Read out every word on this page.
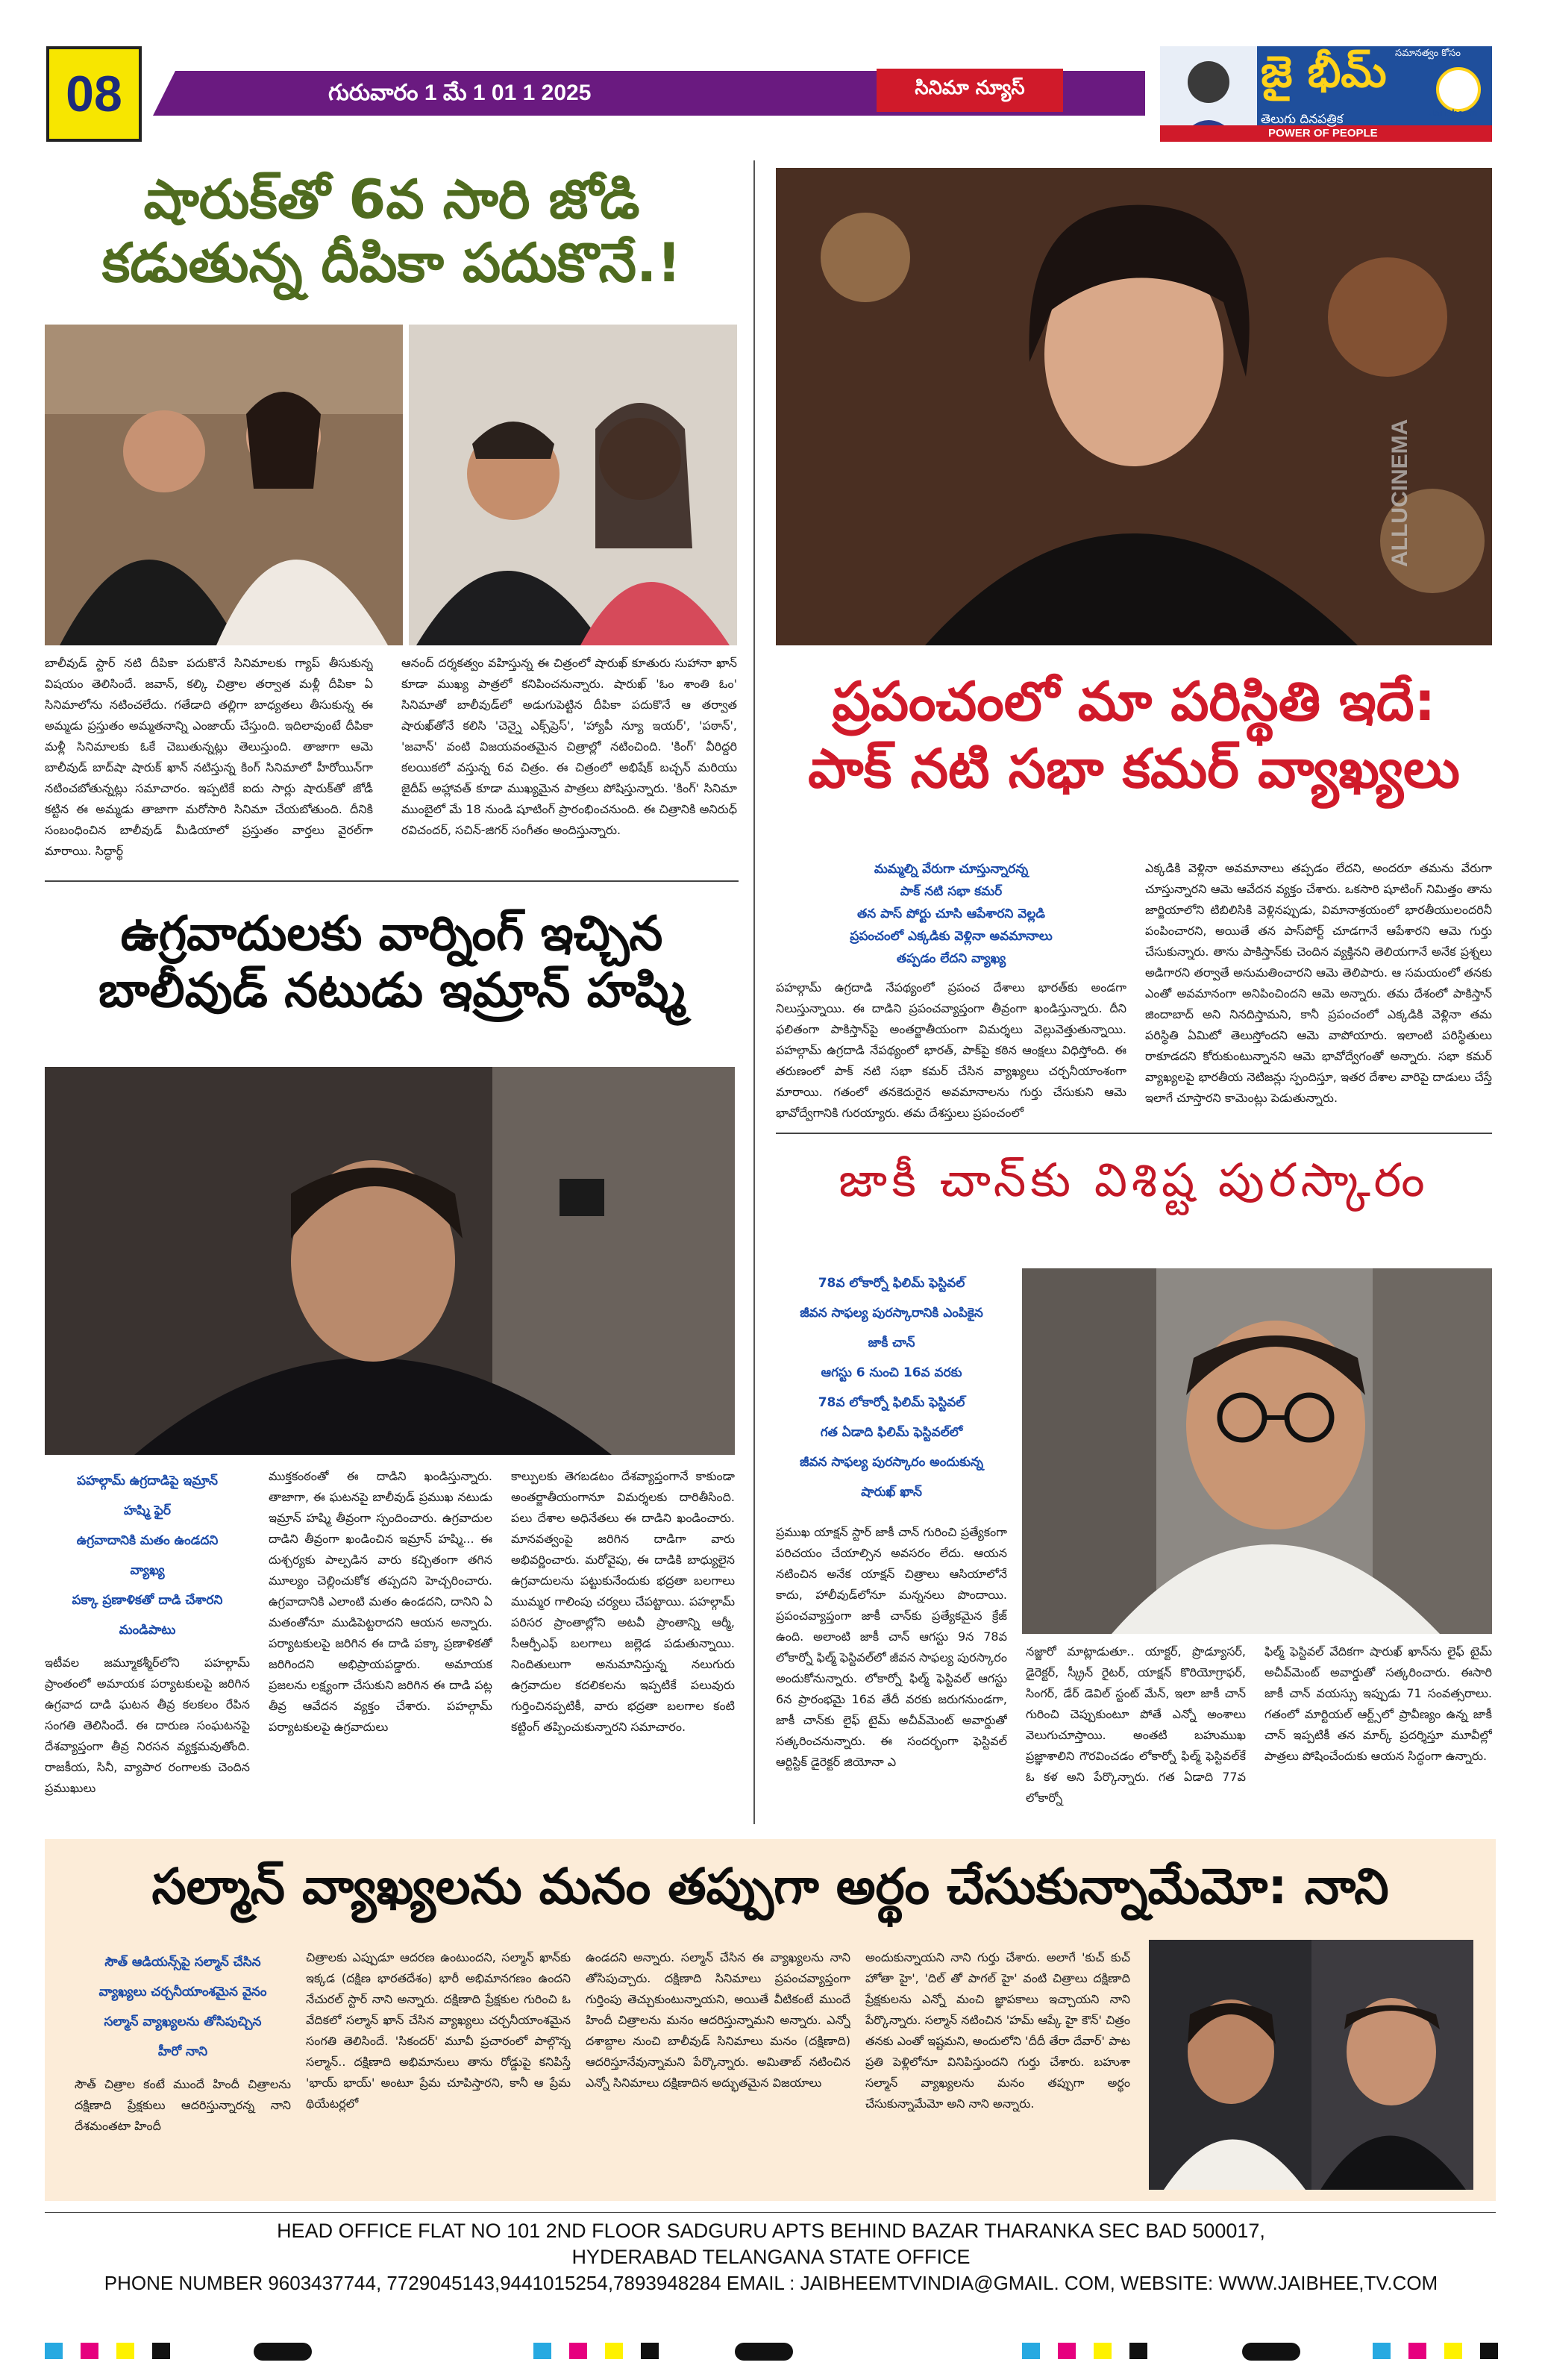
08	గురువారం 1 మే 1 01 1 2025	సినిమా న్యూస్	జై భీమ్
తెలుగు దినపత్రిక
POWER OF PEOPLE
సమానత్వం కోసం
Jai Bheem
షారుక్‌తో 6వ సారి జోడి
కడుతున్న దీపికా పదుకొనే.!
బాలీవుడ్ స్టార్ నటి దీపికా పదుకొనే సినిమాలకు గ్యాప్ తీసుకున్న విషయం తెలిసిందే. జవాన్, కల్కి చిత్రాల తర్వాత మళ్లీ దీపికా ఏ సినిమాలోను నటించలేదు. గతేడాది తల్లిగా బాధ్యతలు తీసుకున్న ఈ అమ్మడు ప్రస్తుతం అమ్మతనాన్ని ఎంజాయ్ చేస్తుంది. ఇదిలావుంటే దీపికా మళ్లీ సినిమాలకు ఓకే చెబుతున్నట్లు తెలుస్తుంది. తాజాగా ఆమె బాలీవుడ్ బాద్‌షా షారుక్ ఖాన్ నటిస్తున్న కింగ్ సినిమాలో హీరోయిన్‌గా నటించబోతున్నట్లు సమాచారం. ఇప్పటికే ఐదు సార్లు షారుక్‌తో జోడీ కట్టిన ఈ అమ్మడు తాజాగా మరోసారి సినిమా చేయబోతుంది. దీనికి సంబంధించిన బాలీవుడ్ మీడియాలో ప్రస్తుతం వార్తలు వైరల్‌గా మారాయి. సిద్ధార్థ్
ఆనంద్ దర్శకత్వం వహిస్తున్న ఈ చిత్రంలో షారుఖ్ కూతురు సుహానా ఖాన్ కూడా ముఖ్య పాత్రలో కనిపించనున్నారు. షారుఖ్ 'ఓం శాంతి ఓం' సినిమాతో బాలీవుడ్‌లో అడుగుపెట్టిన దీపికా పదుకొనే ఆ తర్వాత షారుఖ్‌తోనే కలిసి 'చెన్నై ఎక్స్‌ప్రెస్', 'హ్యాపీ న్యూ ఇయర్', 'పఠాన్', 'జవాన్' వంటి విజయవంతమైన చిత్రాల్లో నటించింది. 'కింగ్' వీరిద్దరి కలయికలో వస్తున్న 6వ చిత్రం. ఈ చిత్రంలో అభిషేక్ బచ్చన్ మరియు జైదీప్ అహ్లావత్ కూడా ముఖ్యమైన పాత్రలు పోషిస్తున్నారు. 'కింగ్' సినిమా ముంబైలో మే 18 నుండి షూటింగ్ ప్రారంభించనుంది. ఈ చిత్రానికి అనిరుధ్ రవిచందర్, సచిన్-జిగర్ సంగీతం అందిస్తున్నారు.
ఉగ్రవాదులకు వార్నింగ్ ఇచ్చిన
బాలీవుడ్ నటుడు ఇమ్రాన్ హష్మి
పహల్గామ్ ఉగ్రదాడిపై ఇమ్రాన్
హష్మి ఫైర్
ఉగ్రవాదానికి మతం ఉండదని
వ్యాఖ్య
పక్కా ప్రణాళికతో దాడి చేశారని
మండిపాటు
ఇటీవల జమ్మూకశ్మీర్‌లోని పహల్గామ్ ప్రాంతంలో అమాయక పర్యాటకులపై జరిగిన ఉగ్రవాద దాడి ఘటన తీవ్ర కలకలం రేపిన సంగతి తెలిసిందే. ఈ దారుణ సంఘటనపై దేశవ్యాప్తంగా తీవ్ర నిరసన వ్యక్తమవుతోంది. రాజకీయ, సినీ, వ్యాపార రంగాలకు చెందిన ప్రముఖులు
ముక్తకంఠంతో ఈ దాడిని ఖండిస్తున్నారు. తాజాగా, ఈ ఘటనపై బాలీవుడ్ ప్రముఖ నటుడు ఇమ్రాన్ హష్మి తీవ్రంగా స్పందించారు. ఉగ్రవాదుల దాడిని తీవ్రంగా ఖండించిన ఇమ్రాన్ హష్మి... ఈ దుశ్చర్యకు పాల్పడిన వారు కచ్చితంగా తగిన మూల్యం చెల్లించుకోక తప్పదని హెచ్చరించారు. ఉగ్రవాదానికి ఎలాంటి మతం ఉండదని, దానిని ఏ మతంతోనూ ముడిపెట్టరాదని ఆయన అన్నారు. పర్యాటకులపై జరిగిన ఈ దాడి పక్కా ప్రణాళికతో జరిగిందని అభిప్రాయపడ్డారు. అమాయక ప్రజలను లక్ష్యంగా చేసుకుని జరిగిన ఈ దాడి పట్ల తీవ్ర ఆవేదన వ్యక్తం చేశారు. పహల్గామ్ పర్యాటకులపై ఉగ్రవాదులు
కాల్పులకు తెగబడటం దేశవ్యాప్తంగానే కాకుండా అంతర్జాతీయంగానూ విమర్శలకు దారితీసింది. పలు దేశాల అధినేతలు ఈ దాడిని ఖండించారు. మానవత్వంపై జరిగిన దాడిగా వారు అభివర్ణించారు. మరోవైపు, ఈ దాడికి బాధ్యులైన ఉగ్రవాదులను పట్టుకునేందుకు భద్రతా బలగాలు ముమ్మర గాలింపు చర్యలు చేపట్టాయి. పహల్గామ్ పరిసర ప్రాంతాల్లోని అటవీ ప్రాంతాన్ని ఆర్మీ, సీఆర్పీఎఫ్ బలగాలు జల్లెడ పడుతున్నాయి. నిందితులుగా అనుమానిస్తున్న నలుగురు ఉగ్రవాదుల కదలికలను ఇప్పటికే పలువురు గుర్తించినప్పటికీ, వారు భద్రతా బలగాల కంటి కట్టింగ్ తప్పించుకున్నారని సమాచారం.
ALLUCINEMA
ప్రపంచంలో మా పరిస్థితి ఇదే:
పాక్ నటి సభా కమర్ వ్యాఖ్యలు
మమ్మల్ని వేరుగా చూస్తున్నారన్న
పాక్ నటి సభా కమర్
తన పాస్ పోర్టు చూసి ఆపేశారని వెల్లడి
ప్రపంచంలో ఎక్కడికు వెళ్లినా అవమానాలు
తప్పడం లేదని వ్యాఖ్య
పహల్గామ్ ఉగ్రదాడి నేపథ్యంలో ప్రపంచ దేశాలు భారత్‌కు అండగా నిలుస్తున్నాయి. ఈ దాడిని ప్రపంచవ్యాప్తంగా తీవ్రంగా ఖండిస్తున్నారు. దీని ఫలితంగా పాకిస్తాన్‌పై అంతర్జాతీయంగా విమర్శలు వెల్లువెత్తుతున్నాయి. పహల్గామ్ ఉగ్రదాడి నేపథ్యంలో భారత్, పాక్‌పై కఠిన ఆంక్షలు విధిస్తోంది. ఈ తరుణంలో పాక్ నటి సభా కమర్ చేసిన వ్యాఖ్యలు చర్చనీయాంశంగా మారాయి. గతంలో తనకెదురైన అవమానాలను గుర్తు చేసుకుని ఆమె భావోద్వేగానికి గురయ్యారు. తమ దేశస్తులు ప్రపంచంలో
ఎక్కడికి వెళ్లినా అవమానాలు తప్పడం లేదని, అందరూ తమను వేరుగా చూస్తున్నారని ఆమె ఆవేదన వ్యక్తం చేశారు. ఒకసారి షూటింగ్ నిమిత్తం తాను జార్జియాలోని టిబిలిసికి వెళ్లినప్పుడు, విమానాశ్రయంలో భారతీయులందరినీ పంపించారని, అయితే తన పాస్‌పోర్ట్ చూడగానే ఆపేశారని ఆమె గుర్తు చేసుకున్నారు. తాను పాకిస్తాన్‌కు చెందిన వ్యక్తినని తెలియగానే అనేక ప్రశ్నలు అడిగారని తర్వాతే అనుమతించారని ఆమె తెలిపారు. ఆ సమయంలో తనకు ఎంతో అవమానంగా అనిపించిందని ఆమె అన్నారు. తమ దేశంలో పాకిస్తాన్ జిందాబాద్ అని నినదిస్తామని, కానీ ప్రపంచంలో ఎక్కడికి వెళ్లినా తమ పరిస్థితి ఏమిటో తెలుస్తోందని ఆమె వాపోయారు. ఇలాంటి పరిస్థితులు రాకూడదని కోరుకుంటున్నానని ఆమె భావోద్వేగంతో అన్నారు. సభా కమర్ వ్యాఖ్యలపై భారతీయ నెటిజన్లు స్పందిస్తూ, ఇతర దేశాల వారిపై దాడులు చేస్తే ఇలాగే చూస్తారని కామెంట్లు పెడుతున్నారు.
జాకీ చాన్‌కు విశిష్ట పురస్కారం
78వ లోకార్నో ఫిలిమ్ ఫెస్టివల్
జీవన సాఫల్య పురస్కారానికి ఎంపికైన
జాకీ చాన్
ఆగస్టు 6 నుంచి 16వ వరకు
78వ లోకార్నో ఫిలిమ్ ఫెస్టివల్
గత ఏడాది ఫిలిమ్ ఫెస్టివల్‌లో
జీవన సాఫల్య పురస్కారం అందుకున్న
షారుఖ్ ఖాన్
ప్రముఖ యాక్షన్ స్టార్ జాకీ చాన్ గురించి ప్రత్యేకంగా పరిచయం చేయాల్సిన అవసరం లేదు. ఆయన నటించిన అనేక యాక్షన్ చిత్రాలు ఆసియాలోనే కాదు, హాలీవుడ్‌లోనూ మన్ననలు పొందాయి. ప్రపంచవ్యాప్తంగా జాకీ చాన్‌కు ప్రత్యేకమైన క్రేజ్ ఉంది. అలాంటి జాకీ చాన్ ఆగస్టు 9న 78వ లోకార్నో ఫిల్మ్ ఫెస్టివల్‌లో జీవన సాఫల్య పురస్కారం అందుకోనున్నారు. లోకార్నో ఫిల్మ్ ఫెస్టివల్ ఆగస్టు 6న ప్రారంభమై 16వ తేదీ వరకు జరుగనుండగా, జాకీ చాన్‌కు లైఫ్ టైమ్ అచీవ్‌మెంట్ అవార్డుతో సత్కరించనున్నారు. ఈ సందర్భంగా ఫెస్టివల్ ఆర్టిస్టిక్ డైరెక్టర్ జియోనా ఎ
నజ్జారో మాట్లాడుతూ.. యాక్టర్, ప్రొడ్యూసర్, డైరెక్టర్, స్క్రీన్ రైటర్, యాక్షన్ కొరియోగ్రాఫర్, సింగర్, డేర్ డెవిల్ స్టంట్ మేన్, ఇలా జాకీ చాన్ గురించి చెప్పుకుంటూ పోతే ఎన్నో అంశాలు వెలుగుచూస్తాయి. అంతటి బహుముఖ ప్రజ్ఞాశాలిని గౌరవించడం లోకార్నో ఫిల్మ్ ఫెస్టివల్‌కే ఓ కళ అని పేర్కొన్నారు. గత ఏడాది 77వ లోకార్నో
ఫిల్మ్ ఫెస్టివల్ వేదికగా షారుఖ్ ఖాన్‌ను లైఫ్ టైమ్ అచీవ్‌మెంట్ అవార్డుతో సత్కరించారు. ఈసారి జాకీ చాన్ వయస్సు ఇప్పుడు 71 సంవత్సరాలు. గతంలో మార్టియల్ ఆర్ట్స్‌లో ప్రావీణ్యం ఉన్న జాకీ చాన్ ఇప్పటికీ తన మార్క్ ప్రదర్శిస్తూ మూవీల్లో పాత్రలు పోషించేందుకు ఆయన సిద్ధంగా ఉన్నారు.
సల్మాన్ వ్యాఖ్యలను మనం తప్పుగా అర్థం చేసుకున్నామేమో: నాని
సౌత్ ఆడియన్స్‌పై సల్మాన్ చేసిన
వ్యాఖ్యలు చర్చనీయాంశమైన వైనం
సల్మాన్ వ్యాఖ్యలను తోసిపుచ్చిన
హీరో నాని
సౌత్ చిత్రాల కంటే ముందే హిందీ చిత్రాలను దక్షిణాది ప్రేక్షకులు ఆదరిస్తున్నారన్న నాని దేశమంతటా హిందీ
చిత్రాలకు ఎప్పుడూ ఆదరణ ఉంటుందని, సల్మాన్ ఖాన్‌కు ఇక్కడ (దక్షిణ భారతదేశం) భారీ అభిమానగణం ఉందని నేచురల్ స్టార్ నాని అన్నారు. దక్షిణాది ప్రేక్షకుల గురించి ఓ వేదికలో సల్మాన్ ఖాన్ చేసిన వ్యాఖ్యలు చర్చనీయాంశమైన సంగతి తెలిసిందే. 'సికందర్' మూవీ ప్రచారంలో పాల్గొన్న సల్మాన్.. దక్షిణాది అభిమానులు తాను రోడ్డుపై కనిపిస్తే 'భాయ్ భాయ్' అంటూ ప్రేమ చూపిస్తారని, కానీ ఆ ప్రేమ థియేటర్లలో
ఉండదని అన్నారు. సల్మాన్ చేసిన ఈ వ్యాఖ్యలను నాని తోసిపుచ్చారు. దక్షిణాది సినిమాలు ప్రపంచవ్యాప్తంగా గుర్తింపు తెచ్చుకుంటున్నాయని, అయితే వీటికంటే ముందే హిందీ చిత్రాలను మనం ఆదరిస్తున్నామని అన్నారు. ఎన్నో దశాబ్దాల నుంచి బాలీవుడ్ సినిమాలు మనం (దక్షిణాది) ఆదరిస్తూనేవున్నామని పేర్కొన్నారు. అమితాబ్ నటించిన ఎన్నో సినిమాలు దక్షిణాదిన అద్భుతమైన విజయాలు
అందుకున్నాయని నాని గుర్తు చేశారు. అలాగే 'కుచ్ కుచ్ హోతా హై', 'దిల్ తో పాగల్ హై' వంటి చిత్రాలు దక్షిణాది ప్రేక్షకులను ఎన్నో మంచి జ్ఞాపకాలు ఇచ్చాయని నాని పేర్కొన్నారు. సల్మాన్ నటించిన 'హమ్ ఆప్కే హై కౌన్' చిత్రం తనకు ఎంతో ఇష్టమని, అందులోని 'దీదీ తేరా దేవార్' పాట ప్రతి పెళ్లిలోనూ వినిపిస్తుందని గుర్తు చేశారు. బహుశా సల్మాన్ వ్యాఖ్యలను మనం తప్పుగా అర్థం చేసుకున్నామేమో అని నాని అన్నారు.
HEAD OFFICE FLAT NO 101 2ND FLOOR SADGURU APTS BEHIND BAZAR THARANKA SEC BAD 500017,
HYDERABAD TELANGANA STATE OFFICE
PHONE NUMBER 9603437744, 7729045143,9441015254,7893948284 EMAIL : JAIBHEEMTVINDIA@GMAIL. COM, WEBSITE: WWW.JAIBHEE,TV.COM
